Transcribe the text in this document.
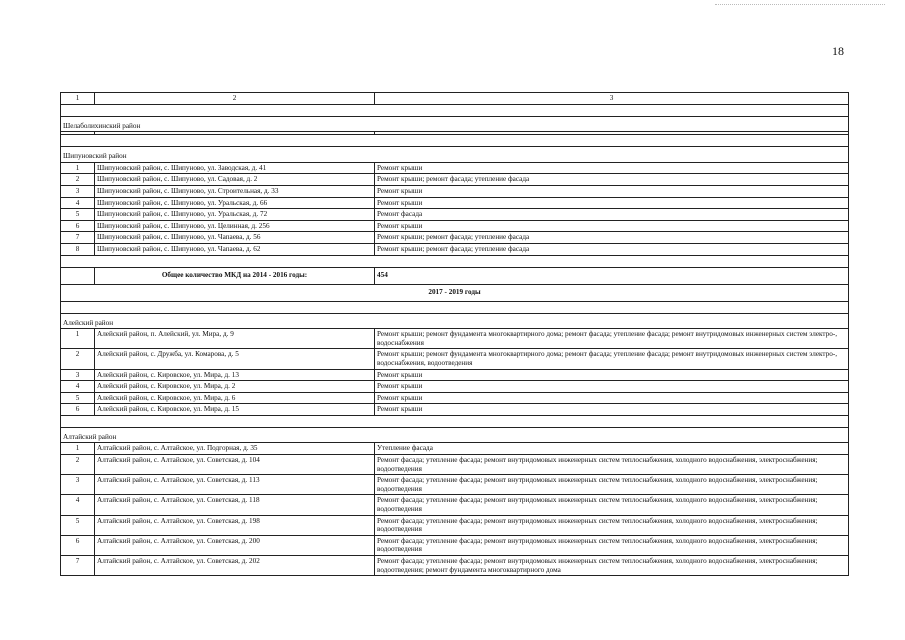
18
1	2	3

Шелаболихинский район		

Шипуновский район		
1	Шипуновский район, с. Шипуново, ул. Заводская, д. 41	Ремонт крыши
2	Шипуновский район, с. Шипуново, ул. Садовая, д. 2	Ремонт крыши; ремонт фасада; утепление фасада
3	Шипуновский район, с. Шипуново, ул. Строительная, д. 33	Ремонт крыши
4	Шипуновский район, с. Шипуново, ул. Уральская, д. 66	Ремонт крыши
5	Шипуновский район, с. Шипуново, ул. Уральская, д. 72	Ремонт фасада
6	Шипуновский район, с. Шипуново, ул. Целинная, д. 256	Ремонт крыши
7	Шипуновский район, с. Шипуново, ул. Чапаева, д. 56	Ремонт крыши; ремонт фасада; утепление фасада
8	Шипуновский район, с. Шипуново, ул. Чапаева, д. 62	Ремонт крыши; ремонт фасада; утепление фасада

	Общее количество МКД на 2014 - 2016 годы:	454
2017 - 2019 годы		

Алейский район		
1	Алейский район, п. Алейский, ул. Мира, д. 9	Ремонт крыши; ремонт фундамента многоквартирного дома; ремонт фасада; утепление фасада; ремонт внутридомовых инженерных систем электро-, водоснабжения
2	Алейский район, с. Дружба, ул. Комарова, д. 5	Ремонт крыши; ремонт фундамента многоквартирного дома; ремонт фасада; утепление фасада; ремонт внутридомовых инженерных систем электро-, водоснабжения, водоотведения
3	Алейский район, с. Кировское, ул. Мира, д. 13	Ремонт крыши
4	Алейский район, с. Кировское, ул. Мира, д. 2	Ремонт крыши
5	Алейский район, с. Кировское, ул. Мира, д. 6	Ремонт крыши
6	Алейский район, с. Кировское, ул. Мира, д. 15	Ремонт крыши

Алтайский район		
1	Алтайский район, с. Алтайское, ул. Подгорная, д. 35	Утепление фасада
2	Алтайский район, с. Алтайское, ул. Советская, д. 104	Ремонт фасада; утепление фасада; ремонт внутридомовых инженерных систем теплоснабжения, холодного водоснабжения, электроснабжения; водоотведения
3	Алтайский район, с. Алтайское, ул. Советская, д. 113	Ремонт фасада; утепление фасада; ремонт внутридомовых инженерных систем теплоснабжения, холодного водоснабжения, электроснабжения; водоотведения
4	Алтайский район, с. Алтайское, ул. Советская, д. 118	Ремонт фасада; утепление фасада; ремонт внутридомовых инженерных систем теплоснабжения, холодного водоснабжения, электроснабжения; водоотведения
5	Алтайский район, с. Алтайское, ул. Советская, д. 198	Ремонт фасада; утепление фасада; ремонт внутридомовых инженерных систем теплоснабжения, холодного водоснабжения, электроснабжения; водоотведения
6	Алтайский район, с. Алтайское, ул. Советская, д. 200	Ремонт фасада; утепление фасада; ремонт внутридомовых инженерных систем теплоснабжения, холодного водоснабжения, электроснабжения; водоотведения
7	Алтайский район, с. Алтайское, ул. Советская, д. 202	Ремонт фасада; утепление фасада; ремонт внутридомовых инженерных систем теплоснабжения, холодного водоснабжения, электроснабжения; водоотведения; ремонт фундамента многоквартирного дома
